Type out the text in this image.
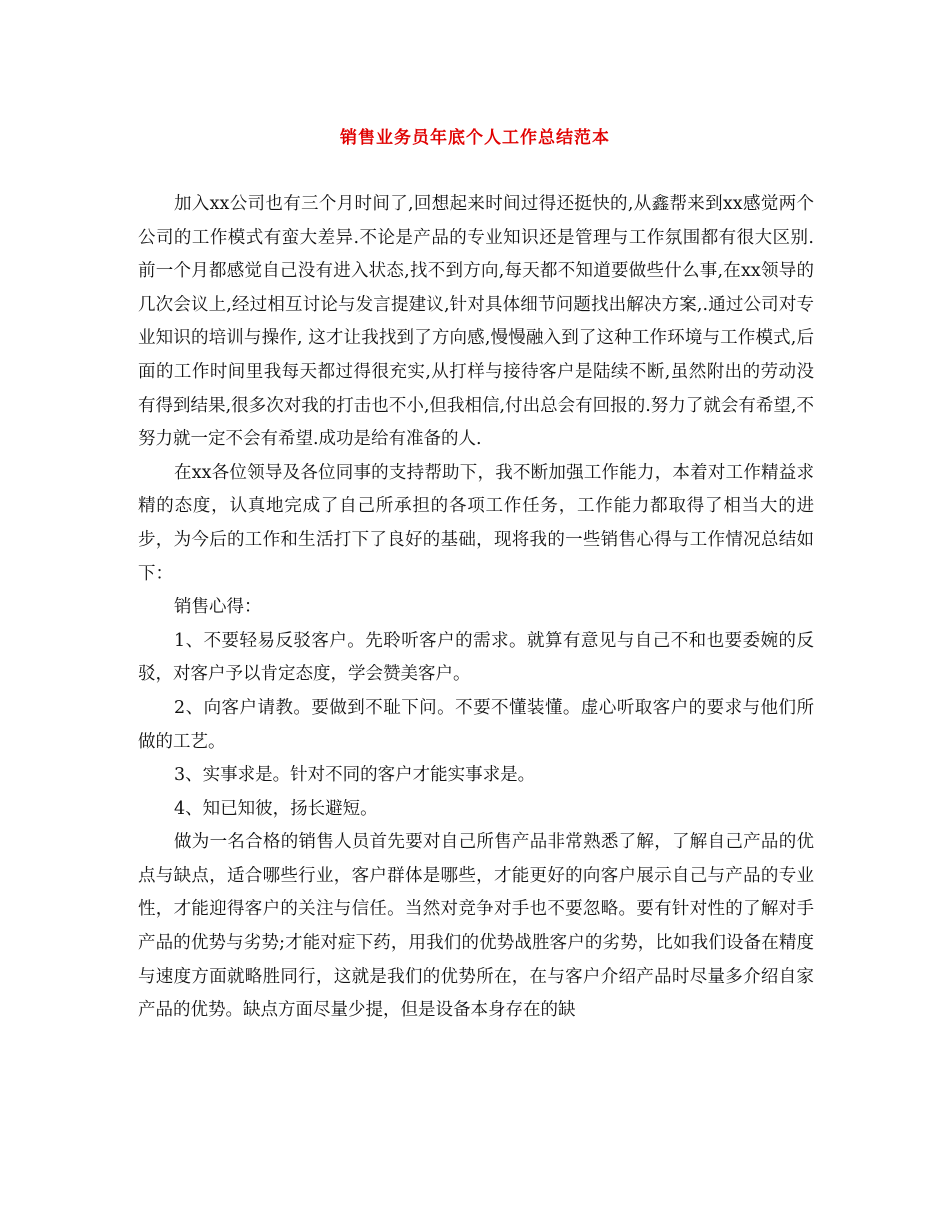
销售业务员年底个人工作总结范本

加入xx公司也有三个月时间了,回想起来时间过得还挺快的,从鑫帮来到xx感觉两个公司的工作模式有蛮大差异.不论是产品的专业知识还是管理与工作氛围都有很大区别.前一个月都感觉自己没有进入状态,找不到方向,每天都不知道要做些什么事,在xx领导的几次会议上,经过相互讨论与发言提建议,针对具体细节问题找出解决方案,.通过公司对专业知识的培训与操作, 这才让我找到了方向感,慢慢融入到了这种工作环境与工作模式,后面的工作时间里我每天都过得很充实,从打样与接待客户是陆续不断,虽然附出的劳动没有得到结果,很多次对我的打击也不小,但我相信,付出总会有回报的.努力了就会有希望,不努力就一定不会有希望.成功是给有准备的人.

在xx各位领导及各位同事的支持帮助下，我不断加强工作能力，本着对工作精益求精的态度，认真地完成了自己所承担的各项工作任务，工作能力都取得了相当大的进步，为今后的工作和生活打下了良好的基础，现将我的一些销售心得与工作情况总结如下：

销售心得：

1、不要轻易反驳客户。先聆听客户的需求。就算有意见与自己不和也要委婉的反驳，对客户予以肯定态度，学会赞美客户。

2、向客户请教。要做到不耻下问。不要不懂装懂。虚心听取客户的要求与他们所做的工艺。

3、实事求是。针对不同的客户才能实事求是。

4、知已知彼，扬长避短。

做为一名合格的销售人员首先要对自己所售产品非常熟悉了解，了解自己产品的优点与缺点，适合哪些行业，客户群体是哪些，才能更好的向客户展示自己与产品的专业性，才能迎得客户的关注与信任。当然对竞争对手也不要忽略。要有针对性的了解对手产品的优势与劣势;才能对症下药，用我们的优势战胜客户的劣势，比如我们设备在精度与速度方面就略胜同行，这就是我们的优势所在，在与客户介绍产品时尽量多介绍自家产品的优势。缺点方面尽量少提，但是设备本身存在的缺
